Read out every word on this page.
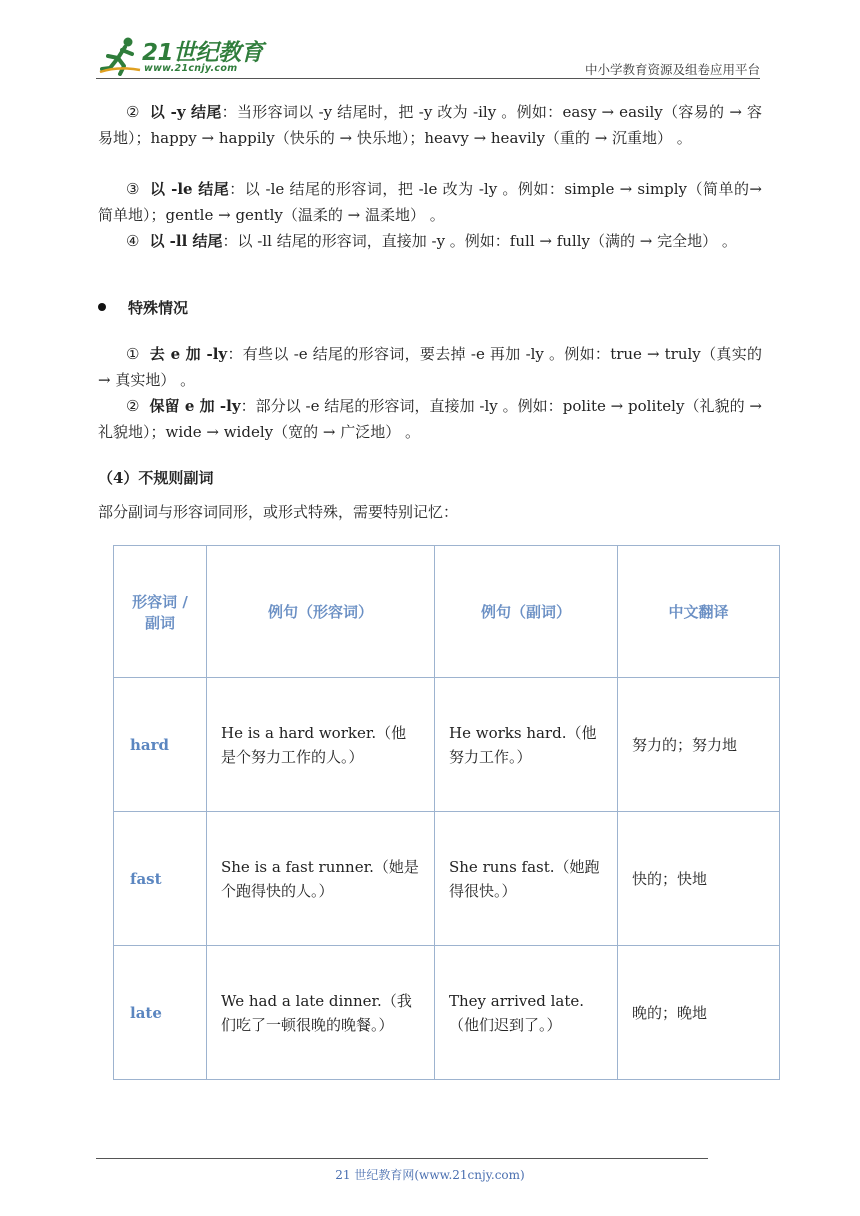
21世纪教育
www.21cnjy.com	中小学教育资源及组卷应用平台

② 以 -y 结尾：当形容词以 -y 结尾时，把 -y 改为 -ily 。例如：easy → easily（容易的 → 容易地）；happy → happily（快乐的 → 快乐地）；heavy → heavily（重的 → 沉重地） 。

③ 以 -le 结尾：以 -le 结尾的形容词，把 -le 改为 -ly 。例如：simple → simply（简单的→ 简单地）；gentle → gently（温柔的 → 温柔地） 。

④ 以 -ll 结尾：以 -ll 结尾的形容词，直接加 -y 。例如：full → fully（满的 → 完全地） 。

特殊情况

① 去 e 加 -ly：有些以 -e 结尾的形容词，要去掉 -e 再加 -ly 。例如：true → truly（真实的 → 真实地） 。

② 保留 e 加 -ly：部分以 -e 结尾的形容词，直接加 -ly 。例如：polite → politely（礼貌的 → 礼貌地）；wide → widely（宽的 → 广泛地） 。

（4）不规则副词
部分副词与形容词同形，或形式特殊，需要特别记忆：
形容词 / 副词	例句（形容词）	例句（副词）	中文翻译
hard	He is a hard worker.（他是个努力工作的人。）	He works hard.（他努力工作。）	努力的；努力地
fast	She is a fast runner.（她是个跑得快的人。）	She runs fast.（她跑得很快。）	快的；快地
late	We had a late dinner.（我们吃了一顿很晚的晚餐。）	They arrived late.（他们迟到了。）	晚的；晚地
21 世纪教育网(www.21cnjy.com)
